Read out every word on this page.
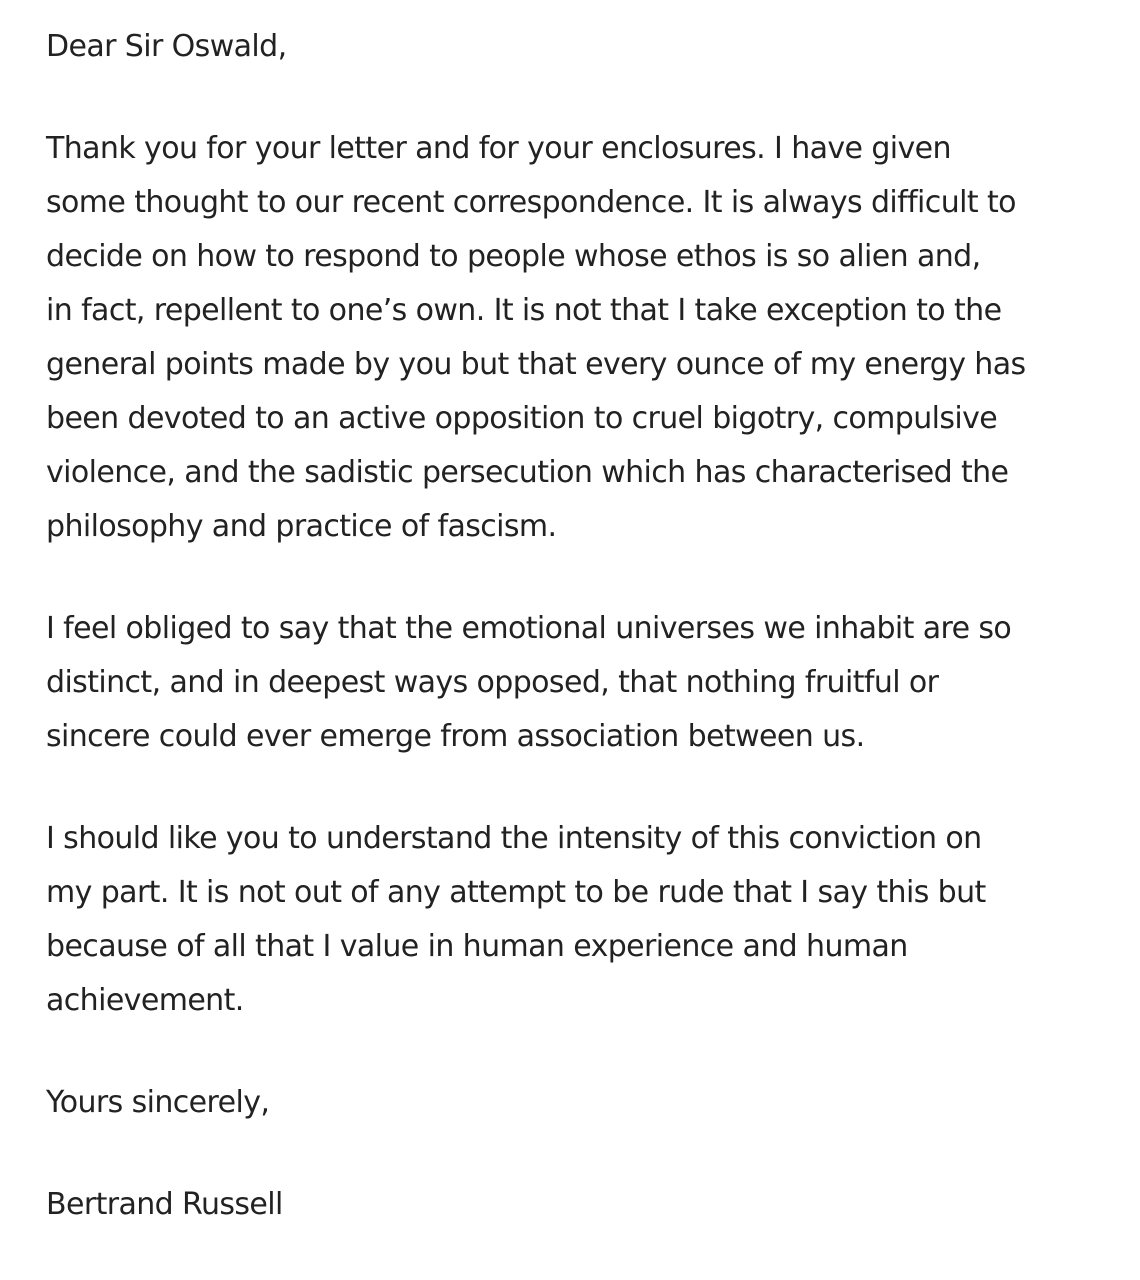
Dear Sir Oswald,

Thank you for your letter and for your enclosures. I have given
some thought to our recent correspondence. It is always difficult to
decide on how to respond to people whose ethos is so alien and,
in fact, repellent to one’s own. It is not that I take exception to the
general points made by you but that every ounce of my energy has
been devoted to an active opposition to cruel bigotry, compulsive
violence, and the sadistic persecution which has characterised the
philosophy and practice of fascism.

I feel obliged to say that the emotional universes we inhabit are so
distinct, and in deepest ways opposed, that nothing fruitful or
sincere could ever emerge from association between us.

I should like you to understand the intensity of this conviction on
my part. It is not out of any attempt to be rude that I say this but
because of all that I value in human experience and human
achievement.

Yours sincerely,

Bertrand Russell
